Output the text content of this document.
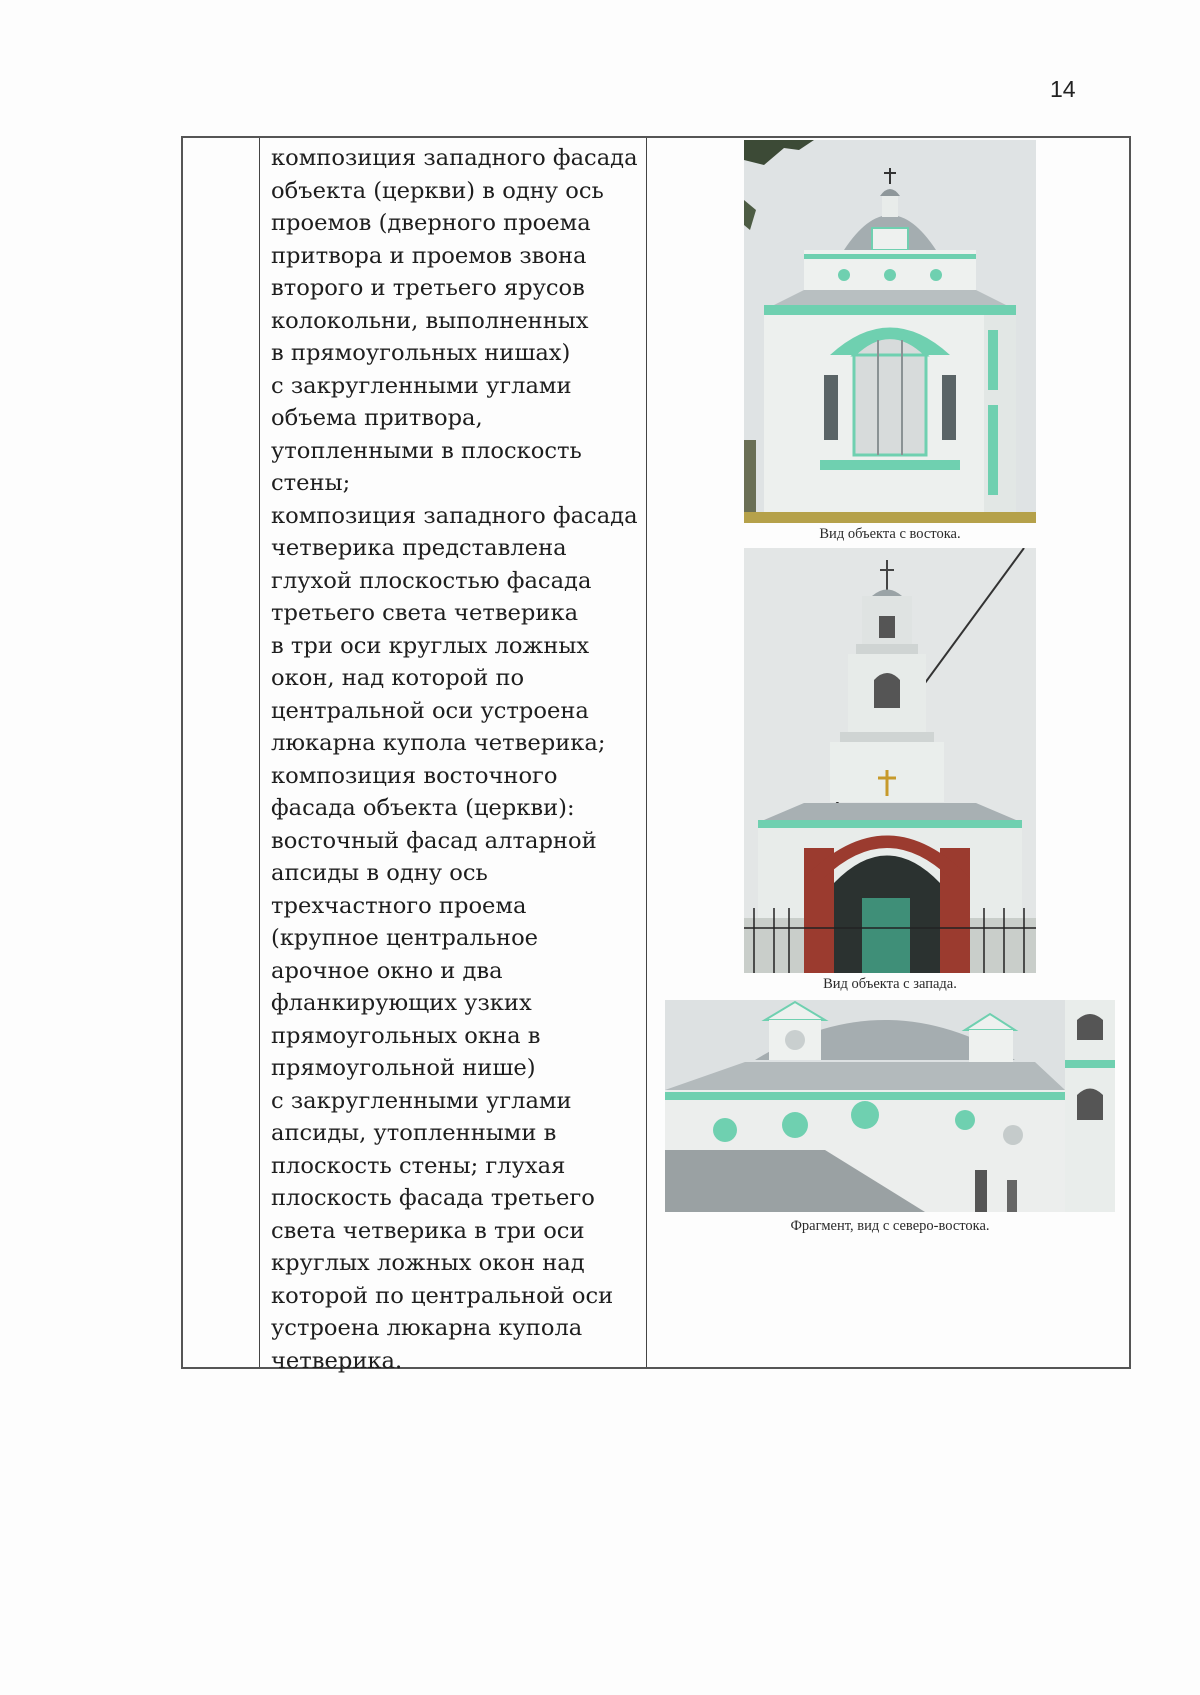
14
композиция западного фасада
объекта (церкви) в одну ось
проемов (дверного проема
притвора и проемов звона
второго и третьего ярусов
колокольни, выполненных
в прямоугольных нишах)
с закругленными углами
объема притвора,
утопленными в плоскость
стены;
композиция западного фасада
четверика представлена
глухой плоскостью фасада
третьего света четверика
в три оси круглых ложных
окон, над которой по
центральной оси устроена
люкарна купола четверика;
композиция восточного
фасада объекта (церкви):
восточный фасад алтарной
апсиды в одну ось
трехчастного проема
(крупное центральное
арочное окно и два
фланкирующих узких
прямоугольных окна в
прямоугольной нише)
с закругленными углами
апсиды, утопленными в
плоскость стены; глухая
плоскость фасада третьего
света четверика в три оси
круглых ложных окон над
которой по центральной оси
устроена люкарна купола
четверика.
Вид объекта с востока.
Вид объекта с запада.
Фрагмент, вид с северо-востока.
